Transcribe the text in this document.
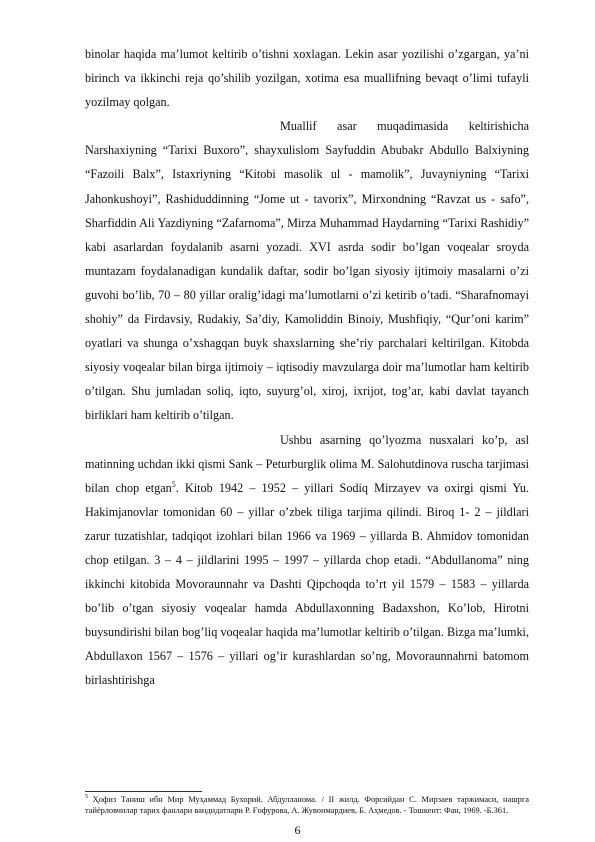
binolar haqida ma’lumot keltirib o’tishni xoxlagan. Lekin asar yozilishi o’zgargan, ya’ni birinch va ikkinchi reja qo’shilib yozilgan, xotima esa muallifning bevaqt o’limi tufayli yozilmay qolgan.

Muallif asar muqadimasida keltirishicha Narshaxiyning “Tarixi Buxoro”, shayxulislom Sayfuddin Abubakr Abdullo Balxiyning “Fazoili Balx”, Istaxriyning “Kitobi masolik ul - mamolik”, Juvayniyning “Tarixi Jahonkushoyi”, Rashiduddinning “Jome ut - tavorix”, Mirxondning “Ravzat us - safo”, Sharfiddin Ali Yazdiyning “Zafarnoma”, Mirza Muhammad Haydarning “Tarixi Rashidiy” kabi asarlardan foydalanib asarni yozadi. XVI asrda sodir bo’lgan voqealar sroyda muntazam foydalanadigan kundalik daftar, sodir bo’lgan siyosiy ijtimoiy masalarni o’zi guvohi bo’lib, 70 – 80 yillar oralig’idagi ma’lumotlarni o’zi ketirib o’tadi. “Sharafnomayi shohiy” da Firdavsiy, Rudakiy, Sa’diy, Kamoliddin Binoiy, Mushfiqiy, “Qur’oni karim” oyatlari va shunga o’xshagqan buyk shaxslarning she’riy parchalari keltirilgan. Kitobda siyosiy voqealar bilan birga ijtimoiy – iqtisodiy mavzularga doir ma’lumotlar ham keltirib o’tilgan. Shu jumladan soliq, iqto, suyurg’ol, xiroj, ixrijot, tog’ar, kabi davlat tayanch birliklari ham keltirib o’tilgan.

Ushbu asarning qo’lyozma nusxalari ko’p, asl matinning uchdan ikki qismi Sank – Peturburglik olima M. Salohutdinova ruscha tarjimasi bilan chop etgan$^5$. Kitob 1942 – 1952 – yillari Sodiq Mirzayev va oxirgi qismi Yu. Hakimjanovlar tomonidan 60 – yillar o’zbek tiliga tarjima qilindi. Biroq 1- 2 – jildlari zarur tuzatishlar, tadqiqot izohlari bilan 1966 va 1969 – yillarda B. Ahmidov tomonidan chop etilgan. 3 – 4 – jildlarini 1995 – 1997 – yillarda chop etadi. “Abdullanoma” ning ikkinchi kitobida Movoraunnahr va Dashti Qipchoqda to’rt yil 1579 – 1583 – yillarda bo’lib o’tgan siyosiy voqealar hamda Abdullaxonning Badaxshon, Ko’lob, Hirotni buysundirishi bilan bog’liq voqealar haqida ma’lumotlar keltirib o’tilgan. Bizga ma’lumki, Abdullaxon 1567 – 1576 – yillari og’ir kurashlardan so’ng, Movoraunnahrni batomom birlashtirishga

$^5$ Ҳофиз Таниш ибн Мир Муҳаммад Бухорий. Абдулланома. / II жилд. Форсийдан С. Мирзаев таржимаси, нашрга тайёрловчилар тарих фанлари вандидатлари Р. Ғофурова, А. Жувонмардиев, Б. Аҳмедов. - Тошкент: Фан, 1969. -Б.361.

6
